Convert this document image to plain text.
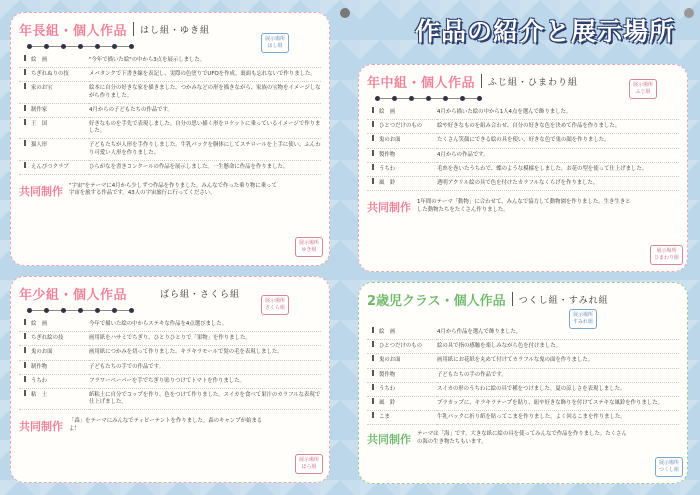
作品の紹介と展示場所
年長組・個人作品 はし組・ゆき組
絵　画	"今年で描いた絵"の中から3点を展示しました。
ちぎれぬりの技	メバタンクで下書き線を表記し、実際の色塗りでUFOを作成。裏面も忘れないで作りました。
家のお宝	絵本に自分の好きな家を描きました。つかみなどの形を描きながら、家族の宝物をイメージしながら作りました。
制作家	4月からの子どもたちの作品です。
王　国	好きなものを手先で表現しました。自分の思い描く形をロケットに乗っているイメージで作りました。
猫人形	子どもたちが人形を手作りしました。牛乳パックを胴体にしてスチロールを上手に使い、ふんわり可愛い人形を作りました。
えんぴつクラブ	ひらがなを書きコンクールの作品を展示しました。一生懸命に作品を作りました。
共同制作 "宇宙"をテーマに4月から少しずつ作品を作りました。みんなで作った乗り物に乗って宇宙を旅する作品です。43人の宇宙旅行に行ってください。
展示場所
はし組
展示場所
ゆき組
年少組・個人作品	ばら組・さくら組
絵　画	今年で描いた絵の中からステキな作品を4点選びました。
ちぎれ絵の技	画用紙をハサミでちぎり、ひとりひとりで「果物」を作りました。
鬼のお面	画用紙につかみを切って作りました。キラキラモールで髪の毛を表現しました。
制作物	子どもたちの手での作品です。
うちわ	フラワーペーパーを手でちぎり貼りつけてトマトを作りました。
粘　土	紙粘土に自分でコップを作り、色をつけて作りました。スイカを食べて果汁のカラフルな表現で仕上げました。
共同制作 「森」をテーマにみんなでティピーテントを作りました。森のキャンプが始まるよ！
展示場所
さくら組
展示場所
ばら組
年中組・個人作品 ふじ組・ひまわり組
絵　画	4月から描いた絵の中から1人4点を選んで飾りました。
ひとつだけのもの	絵や好きなものを組み合わせ、自分の好きな色を決めて作品を作りました。
鬼のお面	たくさん笑顔にできる絵の具を使い、好きな色で鬼の顔を作りました。
製作物	4月からの作品です。
うちわ	毛糸を巻いたうちわで、蝶のような模様をしました。お花の型を使って仕上げました。
風　鈴	透明アクリル絵の具で色を付けたカラフルなくらげを作りました。
共同制作 1年間のテーマ「動物」に合わせて、みんなで協力して動物園を作りました。生き生きとした動物たちをたくさん作りました。
展示場所
ふじ組
展示場所
ひまわり組
2歳児クラス・個人作品 つくし組・すみれ組
絵　画	4月から作品を選んで飾りました。
ひとつだけのもの	絵の具で指の感触を楽しみながら色を付けました。
鬼のお面	画用紙にお花紙を丸めて付けてカラフルな鬼の面を作りました。
製作物	子どもたちの手の作品です。
うちわ	スイカの形のうちわに絵の具で種をつけました。夏の涼しさを表現しました。
風　鈴	プラカップに、キラキラテープを貼り、紐や好きな飾りを付けてステキな風鈴を作りました。
こま	牛乳パックに折り紙を貼ってこまを作りました。よく回るこまを作りました。
共同制作 テーマは「海」です。大きな紙に絵の具を使ってみんなで作品を作りました。たくさんの海の生き物たちもいます。
展示場所
すみれ組
展示場所
つくし組
